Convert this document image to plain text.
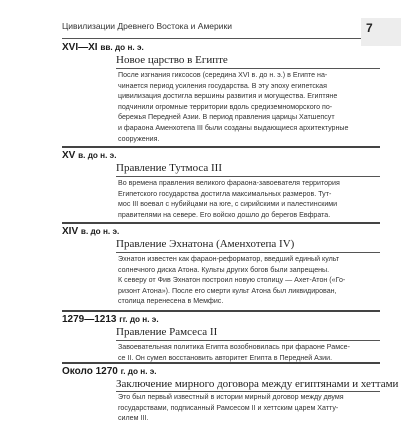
Цивилизации Древнего Востока и Америки	7
XVI—XI вв. до н. э.
Новое царство в Египте
После изгнания гиксосов (середина XVI в. до н. э.) в Египте на-
чинается период усиления государства. В эту эпоху египетская
цивилизация достигла вершины развития и могущества. Египтяне
подчинили огромные территории вдоль средиземноморского по-
бережья Передней Азии. В период правления царицы Хатшепсут
и фараона Аменхотепа III были созданы выдающиеся архитектурные
сооружения.
XV в. до н. э.
Правление Тутмоса III
Во времена правления великого фараона-завоевателя территория
Египетского государства достигла максимальных размеров. Тут-
мос III воевал с нубийцами на юге, с сирийскими и палестинскими
правителями на севере. Его войско дошло до берегов Евфрата.
XIV в. до н. э.
Правление Эхнатона (Аменхотепа IV)
Эхнатон известен как фараон-реформатор, введший единый культ
солнечного диска Атона. Культы других богов были запрещены.
К северу от Фив Эхнатон построил новую столицу — Ахет-Атон («Го-
ризонт Атона»). После его смерти культ Атона был ликвидирован,
столица перенесена в Мемфис.
1279—1213 гг. до н. э.
Правление Рамсеса II
Завоевательная политика Египта возобновилась при фараоне Рамсе-
се II. Он сумел восстановить авторитет Египта в Передней Азии.
Около 1270 г. до н. э.
Заключение мирного договора между египтянами и хеттами
Это был первый известный в истории мирный договор между двумя
государствами, подписанный Рамсесом II и хеттским царем Хатту-
силем III.
